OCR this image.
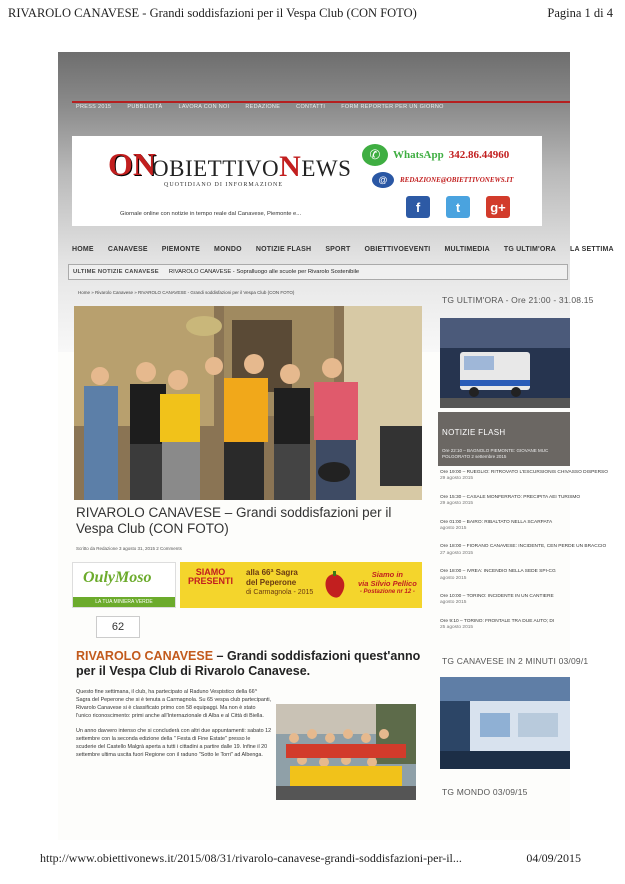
RIVAROLO CANAVESE - Grandi soddisfazioni per il Vespa Club (CON FOTO)	Pagina 1 di 4
PRESS 2015	PUBBLICITÀ	LAVORA CON NOI	REDAZIONE	CONTATTI	FORM REPORTER PER UN GIORNO
ON
OBIETTIVONEWS
QUOTIDIANO DI INFORMAZIONE
Giornale online con notizie in tempo reale dal Canavese, Piemonte e...
✆	WhatsApp 342.86.44960
@	REDAZIONE@OBIETTIVONEWS.IT
f	t	g+
HOME CANAVESE PIEMONTE MONDO NOTIZIE FLASH SPORT OBIETTIVOEVENTI MULTIMEDIA TG ULTIM'ORA LA SETTIMA
ULTIME NOTIZIE CANAVESE RIVAROLO CANAVESE - Sopralluogo alle scuole per Rivarolo Sostenibile
Home » Rivarolo Canavese » RIVAROLO CANAVESE - Grandi soddisfazioni per il Vespa Club (CON FOTO)
RIVAROLO CANAVESE – Grandi soddisfazioni per il Vespa Club (CON FOTO)
Scritto da Redazione 3 agosto 31, 2015 2 Comments
OulyMoso
LA TUA MINIERA VERDE
SIAMO
PRESENTI
alla 66ª Sagra
del Peperone
di Carmagnola - 2015
Siamo in
via Silvio Pellico
- Postazione nr 12 -
62
RIVAROLO CANAVESE – Grandi soddisfazioni quest'anno per il Vespa Club di Rivarolo Canavese.

Questo fine settimana, il club, ha partecipato al Raduno Vespistico della 66^ Sagra del Peperone che si è tenuta a Carmagnola. Su 65 vespa club partecipanti, Rivarolo Canavese si è classificato primo con 58 equipaggi. Ma non è stato l'unico riconoscimento: primi anche all'Internazionale di Alba e al Città di Biella.

Un anno davvero intenso che si concluderà con altri due appuntamenti: sabato 12 settembre con la seconda edizione della " Festa di Fine Estate" presso le scuderie del Castello Malgrà aperta a tutti i cittadini a partire dalle 19. Infine il 20 settembre ultima uscita fuori Regione con il raduno "Sotto le Torri" ad Albenga.

TG ULTIM'ORA - Ore 21:00 - 31.08.15
NOTIZIE FLASH
Ore 22:10 – BAGNOLO PIEMONTE: GIOVANE MUC POLGORATO 2 settembre 2015
Ore 19:00 – RUEGLIO: RITROVATO L'ESCURSIONIS CHIVASSO DISPERSO
29 agosto 2015
Ore 15:30 – CASALE MONFERRATO: PRECIPITA AEI TURISMO
29 agosto 2015
Ore 01:00 – BAIRO: RIBALTATO NELLA SCARPATA
agosto 2015
Ore 18:00 – FIORANO CANAVESE: INCIDENTE, CEN PERDE UN BRACCIO
27 agosto 2015
Ore 18:00 – IVREA: INCENDIO NELLA SEDE SPI-CG
agosto 2015
Ore 10:00 – TORINO: INCIDENTE IN UN CANTIERE
agosto 2015
Ore 9:10 – TORINO: FRONTALE TRA DUE AUTO; DI
25 agosto 2015
TG CANAVESE IN 2 MINUTI 03/09/1
TG MONDO 03/09/15
http://www.obiettivonews.it/2015/08/31/rivarolo-canavese-grandi-soddisfazioni-per-il...	04/09/2015
